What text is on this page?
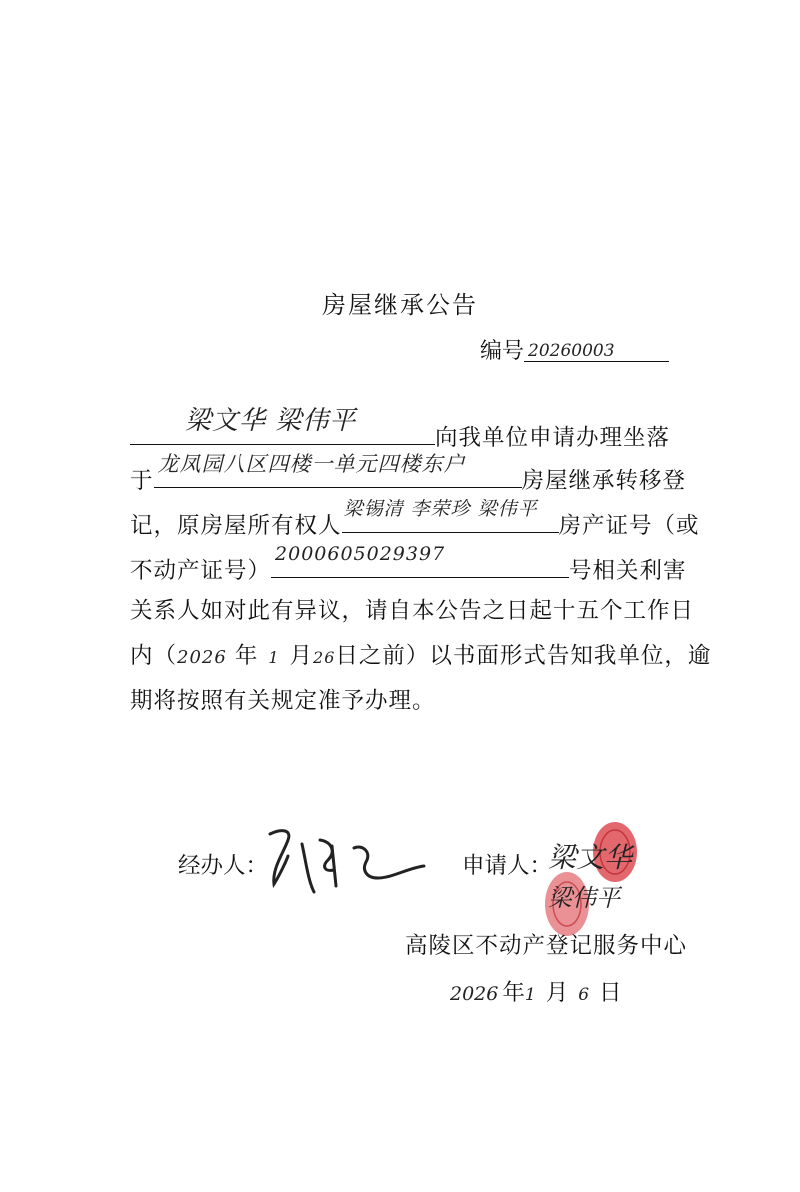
房屋继承公告
编号 20260003
梁文华 梁伟平
向我单位申请办理坐落
于
龙凤园八区四楼一单元四楼东户
房屋继承转移登
记，原房屋所有权人
梁锡清 李荣珍 梁伟平
房产证号（或
不动产证号）
2000605029397
号相关利害
关系人如对此有异议，请自本公告之日起十五个工作日
内（2026 年 1 月26日之前）以书面形式告知我单位，逾
期将按照有关规定准予办理。
经办人：	申请人：
梁文华
梁伟平
高陵区不动产登记服务中心
2026 年1 月 6 日
